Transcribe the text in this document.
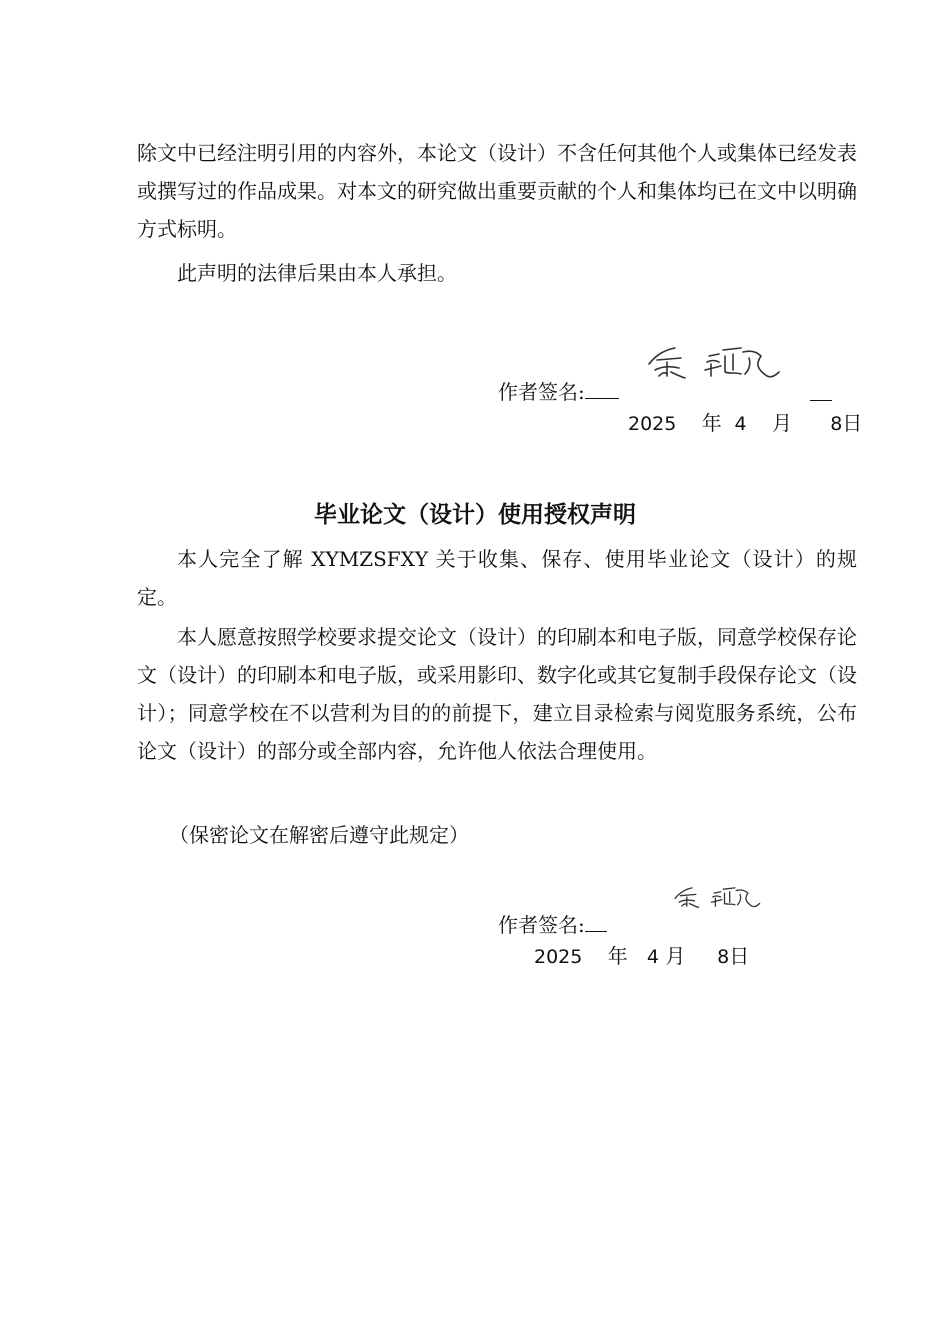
除文中已经注明引用的内容外，本论文（设计）不含任何其他个人或集体已经发表或撰写过的作品成果。对本文的研究做出重要贡献的个人和集体均已在文中以明确方式标明。

此声明的法律后果由本人承担。

作者签名:

2025 年 4 月 8日

毕业论文（设计）使用授权声明

本人完全了解 XYMZSFXY 关于收集、保存、使用毕业论文（设计）的规定。

本人愿意按照学校要求提交论文（设计）的印刷本和电子版，同意学校保存论文（设计）的印刷本和电子版，或采用影印、数字化或其它复制手段保存论文（设计）；同意学校在不以营利为目的的前提下，建立目录检索与阅览服务系统，公布论文（设计）的部分或全部内容，允许他人依法合理使用。

（保密论文在解密后遵守此规定）

作者签名:

2025 年 4 月 8日
